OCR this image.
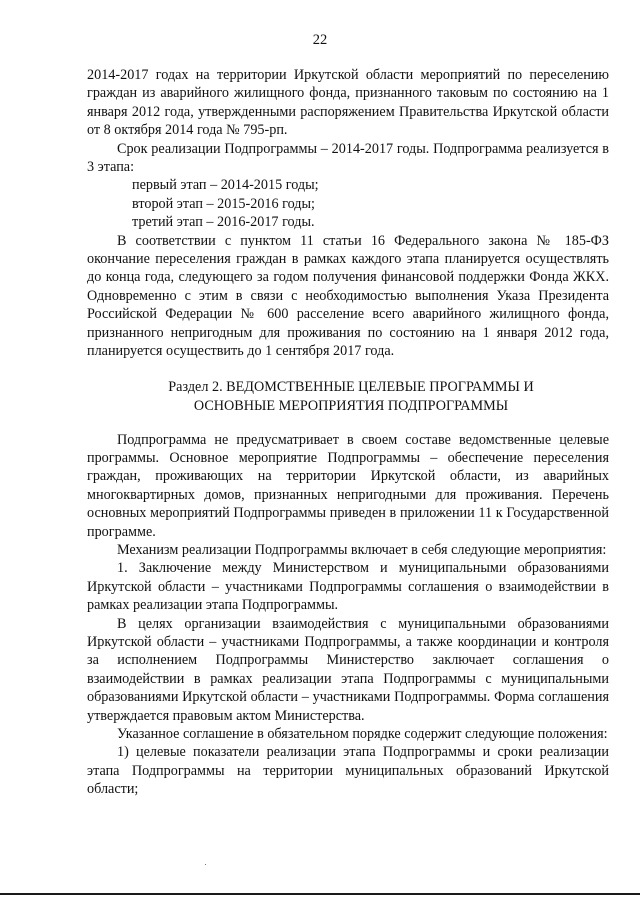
22

2014-2017 годах на территории Иркутской области мероприятий по переселению граждан из аварийного жилищного фонда, признанного таковым по состоянию на 1 января 2012 года, утвержденными распоряжением Правительства Иркутской области от 8 октября 2014 года № 795-рп.

Срок реализации Подпрограммы – 2014-2017 годы. Подпрограмма реализуется в 3 этапа:

первый этап – 2014-2015 годы;

второй этап – 2015-2016 годы;

третий этап – 2016-2017 годы.

В соответствии с пунктом 11 статьи 16 Федерального закона № 185-ФЗ окончание переселения граждан в рамках каждого этапа планируется осуществлять до конца года, следующего за годом получения финансовой поддержки Фонда ЖКХ. Одновременно с этим в связи с необходимостью выполнения Указа Президента Российской Федерации № 600 расселение всего аварийного жилищного фонда, признанного непригодным для проживания по состоянию на 1 января 2012 года, планируется осуществить до 1 сентября 2017 года.

Раздел 2. ВЕДОМСТВЕННЫЕ ЦЕЛЕВЫЕ ПРОГРАММЫ И
ОСНОВНЫЕ МЕРОПРИЯТИЯ ПОДПРОГРАММЫ

Подпрограмма не предусматривает в своем составе ведомственные целевые программы. Основное мероприятие Подпрограммы – обеспечение переселения граждан, проживающих на территории Иркутской области, из аварийных многоквартирных домов, признанных непригодными для проживания. Перечень основных мероприятий Подпрограммы приведен в приложении 11 к Государственной программе.

Механизм реализации Подпрограммы включает в себя следующие мероприятия:

1. Заключение между Министерством и муниципальными образованиями Иркутской области – участниками Подпрограммы соглашения о взаимодействии в рамках реализации этапа Подпрограммы.

В целях организации взаимодействия с муниципальными образованиями Иркутской области – участниками Подпрограммы, а также координации и контроля за исполнением Подпрограммы Министерство заключает соглашения о взаимодействии в рамках реализации этапа Подпрограммы с муниципальными образованиями Иркутской области – участниками Подпрограммы. Форма соглашения утверждается правовым актом Министерства.

Указанное соглашение в обязательном порядке содержит следующие положения:

1) целевые показатели реализации этапа Подпрограммы и сроки реализации этапа Подпрограммы на территории муниципальных образований Иркутской области;
